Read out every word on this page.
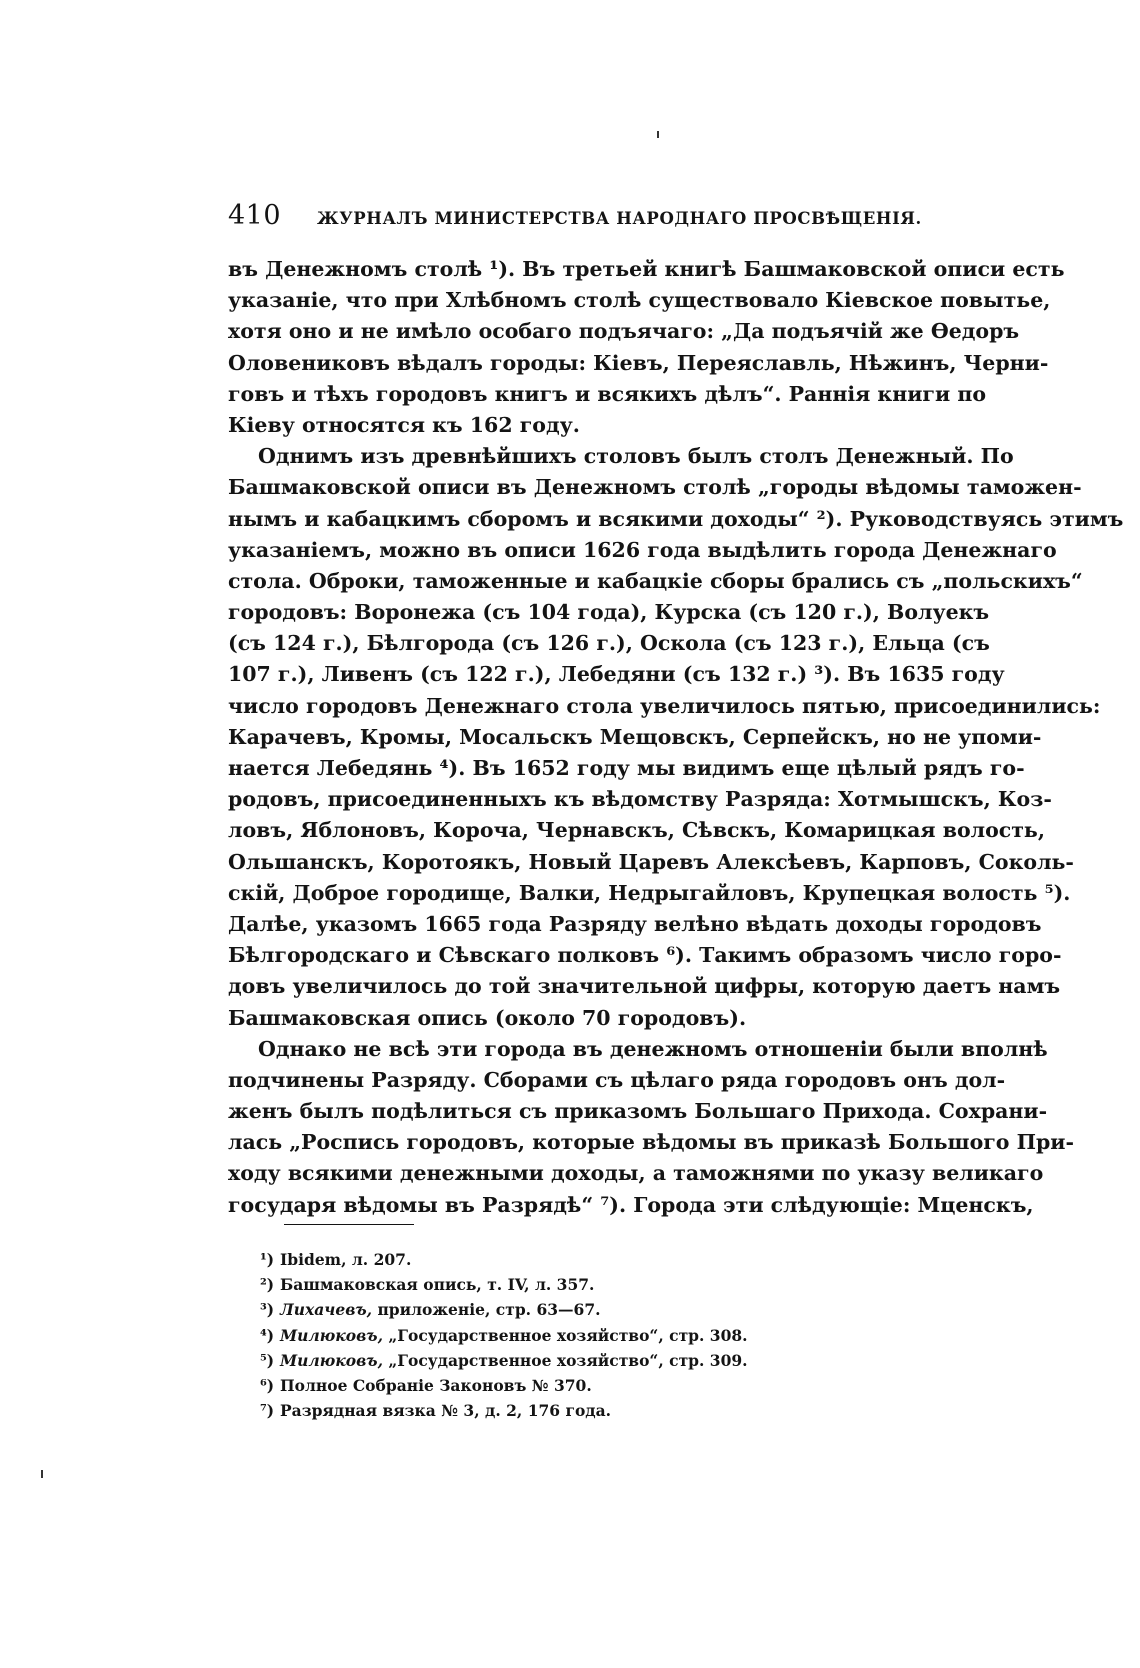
410 ЖУРНАЛЪ МИНИСТЕРСТВА НАРОДНАГО ПРОСВѢЩЕНІЯ.
въ Денежномъ столѣ ¹). Въ третьей книгѣ Башмаковской описи есть
указаніе, что при Хлѣбномъ столѣ существовало Кіевское повытье,
хотя оно и не имѣло особаго подъячаго: „Да подъячій же Ѳедоръ
Оловениковъ вѣдалъ городы: Кіевъ, Переяславль, Нѣжинъ, Черни-
говъ и тѣхъ городовъ книгъ и всякихъ дѣлъ“. Раннія книги по
Кіеву относятся къ 162 году.
Однимъ изъ древнѣйшихъ столовъ былъ столъ Денежный. По
Башмаковской описи въ Денежномъ столѣ „городы вѣдомы таможен-
нымъ и кабацкимъ сборомъ и всякими доходы“ ²). Руководствуясь этимъ
указаніемъ, можно въ описи 1626 года выдѣлить города Денежнаго
стола. Оброки, таможенные и кабацкіе сборы брались съ „польскихъ“
городовъ: Воронежа (съ 104 года), Курска (съ 120 г.), Волуекъ
(съ 124 г.), Бѣлгорода (съ 126 г.), Оскола (съ 123 г.), Ельца (съ
107 г.), Ливенъ (съ 122 г.), Лебедяни (съ 132 г.) ³). Въ 1635 году
число городовъ Денежнаго стола увеличилось пятью, присоединились:
Карачевъ, Кромы, Мосальскъ Мещовскъ, Серпейскъ, но не упоми-
нается Лебедянь ⁴). Въ 1652 году мы видимъ еще цѣлый рядъ го-
родовъ, присоединенныхъ къ вѣдомству Разряда: Хотмышскъ, Коз-
ловъ, Яблоновъ, Короча, Чернавскъ, Сѣвскъ, Комарицкая волость,
Ольшанскъ, Коротоякъ, Новый Царевъ Алексѣевъ, Карповъ, Соколь-
скій, Доброе городище, Валки, Недрыгайловъ, Крупецкая волость ⁵).
Далѣе, указомъ 1665 года Разряду велѣно вѣдать доходы городовъ
Бѣлгородскаго и Сѣвскаго полковъ ⁶). Такимъ образомъ число горо-
довъ увеличилось до той значительной цифры, которую даетъ намъ
Башмаковская опись (около 70 городовъ).
Однако не всѣ эти города въ денежномъ отношеніи были вполнѣ
подчинены Разряду. Сборами съ цѣлаго ряда городовъ онъ дол-
женъ былъ подѣлиться съ приказомъ Большаго Прихода. Сохрани-
лась „Роспись городовъ, которые вѣдомы въ приказѣ Большого При-
ходу всякими денежными доходы, а таможнями по указу великаго
государя вѣдомы въ Разрядѣ“ ⁷). Города эти слѣдующіе: Мценскъ,
¹) Ibidem, л. 207.
²) Башмаковская опись, т. IV, л. 357.
³) Лихачевъ, приложеніе, стр. 63—67.
⁴) Милюковъ, „Государственное хозяйство“, стр. 308.
⁵) Милюковъ, „Государственное хозяйство“, стр. 309.
⁶) Полное Собраніе Законовъ № 370.
⁷) Разрядная вязка № 3, д. 2, 176 года.
